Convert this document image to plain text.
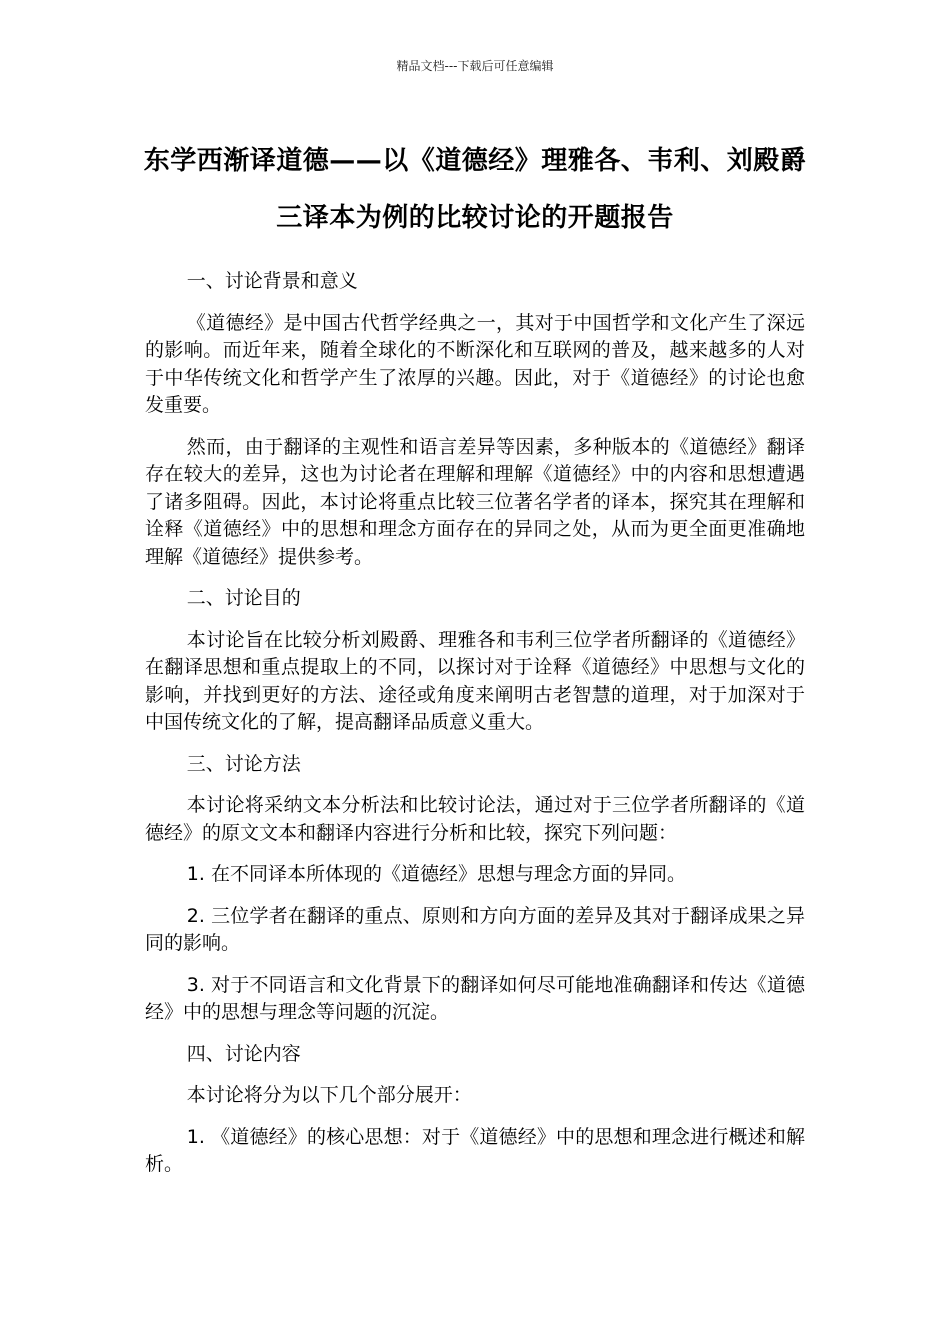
精品文档---下载后可任意编辑
东学西渐译道德——以《道德经》理雅各、韦利、刘殿爵三译本为例的比较讨论的开题报告

一、讨论背景和意义

《道德经》是中国古代哲学经典之一，其对于中国哲学和文化产生了深远的影响。而近年来，随着全球化的不断深化和互联网的普及，越来越多的人对于中华传统文化和哲学产生了浓厚的兴趣。因此，对于《道德经》的讨论也愈发重要。

然而，由于翻译的主观性和语言差异等因素，多种版本的《道德经》翻译存在较大的差异，这也为讨论者在理解和理解《道德经》中的内容和思想遭遇了诸多阻碍。因此，本讨论将重点比较三位著名学者的译本，探究其在理解和诠释《道德经》中的思想和理念方面存在的异同之处，从而为更全面更准确地理解《道德经》提供参考。

二、讨论目的

本讨论旨在比较分析刘殿爵、理雅各和韦利三位学者所翻译的《道德经》在翻译思想和重点提取上的不同，以探讨对于诠释《道德经》中思想与文化的影响，并找到更好的方法、途径或角度来阐明古老智慧的道理，对于加深对于中国传统文化的了解，提高翻译品质意义重大。

三、讨论方法

本讨论将采纳文本分析法和比较讨论法，通过对于三位学者所翻译的《道德经》的原文文本和翻译内容进行分析和比较，探究下列问题：

1. 在不同译本所体现的《道德经》思想与理念方面的异同。

2. 三位学者在翻译的重点、原则和方向方面的差异及其对于翻译成果之异同的影响。

3. 对于不同语言和文化背景下的翻译如何尽可能地准确翻译和传达《道德经》中的思想与理念等问题的沉淀。

四、讨论内容

本讨论将分为以下几个部分展开：

1. 《道德经》的核心思想：对于《道德经》中的思想和理念进行概述和解析。
